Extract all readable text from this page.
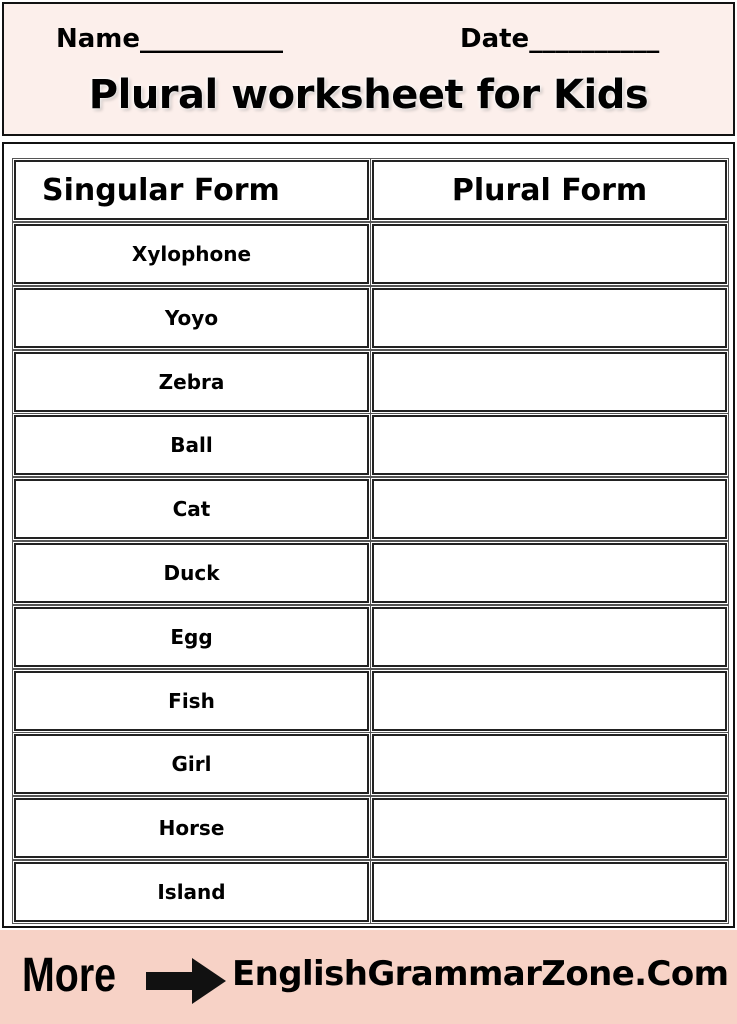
Name___________	Date__________
Plural worksheet for Kids
Singular Form	Plural Form
Xylophone
Yoyo
Zebra
Ball
Cat
Duck
Egg
Fish
Girl
Horse
Island
More	EnglishGrammarZone.Com
